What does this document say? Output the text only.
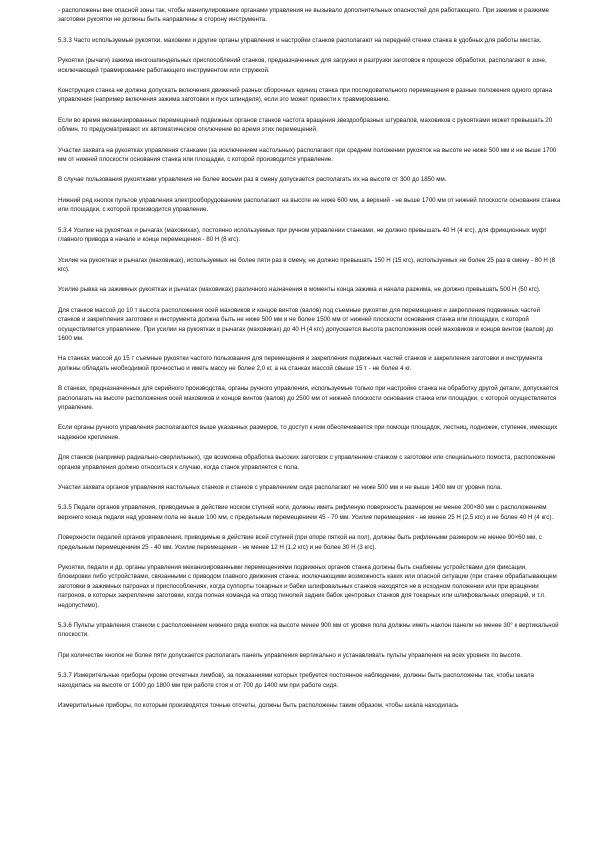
- расположены вне опасной зоны так, чтобы манипулирование органами управления не вызывало дополнительных опасностей для работающего. При зажиме и разжиме заготовки рукоятки не должны быть направлены в сторону инструмента.

5.3.3 Часто используемые рукоятки, маховики и другие органы управления и настройки станков располагают на передней стенке станка в удобных для работы местах.

Рукоятки (рычаги) зажима многошпиндельных приспособлений станков, предназначенных для загрузки и разгрузки заготовок в процессе обработки, располагают в зоне, исключающей травмирование работающего инструментом или стружкой.

Конструкция станка не должна допускать включения движений разных сборочных единиц станка при последовательного перемещения в разные положения одного органа управления (например включения зажима заготовки и пуск шпинделя), если это может привести к травмированию.

Если во время механизированных перемещений подвижных органов станков частота вращения звездообразных штурвалов, маховиков с рукоятками может превышать 20 об/мин, то предусматривают их автоматическое отключение во время этих перемещений.

Участки захвата на рукоятках управления станками (за исключением настольных) располагают при среднем положении рукояток на высоте не ниже 500 мм и не выше 1700 мм от нижней плоскости основания станка или площадки, с которой производится управление.

В случае пользования рукоятками управления не более восьми раз в смену допускается располагать их на высоте от 300 до 1850 мм.

Нижний ряд кнопок пультов управления электрооборудованием располагают на высоте не ниже 600 мм, а верхний - не выше 1700 мм от нижней плоскости основания станка или площадки, с которой производится управление.

5.3.4 Усилие на рукоятках и рычагах (маховиках), постоянно используемых при ручном управлении станками, не должно превышать 40 Н (4 кгс), для фрикционных муфт главного привода в начале и конце перемещения - 80 Н (8 кгс).

Усилие на рукоятках и рычагах (маховиках), используемых не более пяти раз в смену, не должно превышать 150 Н (15 кгс), используемых не более 25 раз в смену - 80 Н (8 кгс).

Усилие рывка на зажимных рукоятках и рычагах (маховиках) различного назначения в моменты конца зажима и начала разжима, не должно превышать 500 Н (50 кгс).

Для станков массой до 10 т высота расположения осей маховиков и концов винтов (валов) под съемные рукоятки для перемещения и закрепления подвижных частей станков и закрепления заготовки и инструмента должна быть не ниже 500 мм и не более 1500 мм от нижней плоскости основания станка или площадки, с которой осуществляется управление. При усилии на рукоятках и рычагах (маховиках) до 40 Н (4 кгс) допускается высота расположения осей маховиков и концов винтов (валов) до 1600 мм.

На станках массой до 15 т съемные рукоятки частого пользования для перемещения и закрепления подвижных частей станков и закрепления заготовки и инструмента должны обладать необходимой прочностью и иметь массу не более 2,0 кг, а на станках массой свыше 15 т - не более 4 кг.

В станках, предназначенных для серийного производства, органы ручного управления, используемые только при настройке станка на обработку другой детали, допускается располагать на высоте расположения осей маховиков и концов винтов (валов) до 2500 мм от нижней плоскости основания станка или площадки, с которой осуществляется управление.

Если органы ручного управления располагаются выше указанных размеров, то доступ к ним обеспечивается при помощи площадок, лестниц, подножек, ступенек, имеющих надежное крепление.

Для станков (например радиально-сверлильных), где возможна обработка высоких заготовок с управлением станком с заготовки или специального помоста, расположение органов управления должно относиться к случаю, когда станок управляется с пола.

Участки захвата органов управления настольных станков и станков с управлением сидя располагают не ниже 500 мм и не выше 1400 мм от уровня пола.

5.3.5 Педали органов управления, приводимые в действие носком ступней ноги, должны иметь рифленую поверхность размером не менее 200×80 мм с расположением верхнего конца педали над уровнем пола не выше 100 мм, с предельным перемещением 45 - 70 мм. Усилие перемещения - не менее 25 Н (2,5 кгс) и не более 40 Н (4 кгс).

Поверхности педалей органов управления, приводимые в действие всей ступней (при опоре пяткой на пол), должны быть рифлеными размером не менее 90×60 мм, с предельным перемещением 25 - 40 мм. Усилие перемещения - не менее 12 Н (1,2 кгс) и не более 30 Н (3 кгс).

Рукоятки, педали и др. органы управления механизированными перемещениями подвижных органов станка должны быть снабжены устройствами для фиксации, блокировки либо устройствами, связанными с приводом главного движения станка, исключающими возможность каких или опасной ситуации (при станке обрабатывающем заготовки в зажимных патронах и приспособлениях, когда суппорты токарных и бабки шлифовальных станков находятся не в исходном положении или при вращении патронов, в которых закрепление заготовки, когда полная команда на отвод пинолей задних бабок центровых станков для токарных или шлифовальных операций, и т.п. недопустимо).

5.3.6 Пульты управления станком с расположением нижнего ряда кнопок на высоте менее 900 мм от уровня пола должны иметь наклон панели не менее 30° к вертикальной плоскости.

При количестве кнопок не более пяти допускается располагать панель управления вертикально и устанавливать пульты управления на всех уровнях по высоте.

5.3.7 Измерительные приборы (кроме отсчетных лимбов), за показаниями которых требуется постоянное наблюдение, должны быть расположены так, чтобы шкала находилась на высоте от 1000 до 1800 мм при работе стоя и от 700 до 1400 мм при работе сидя.

Измерительные приборы, по которым производятся точные отсчеты, должны быть расположены таким образом, чтобы шкала находилась
